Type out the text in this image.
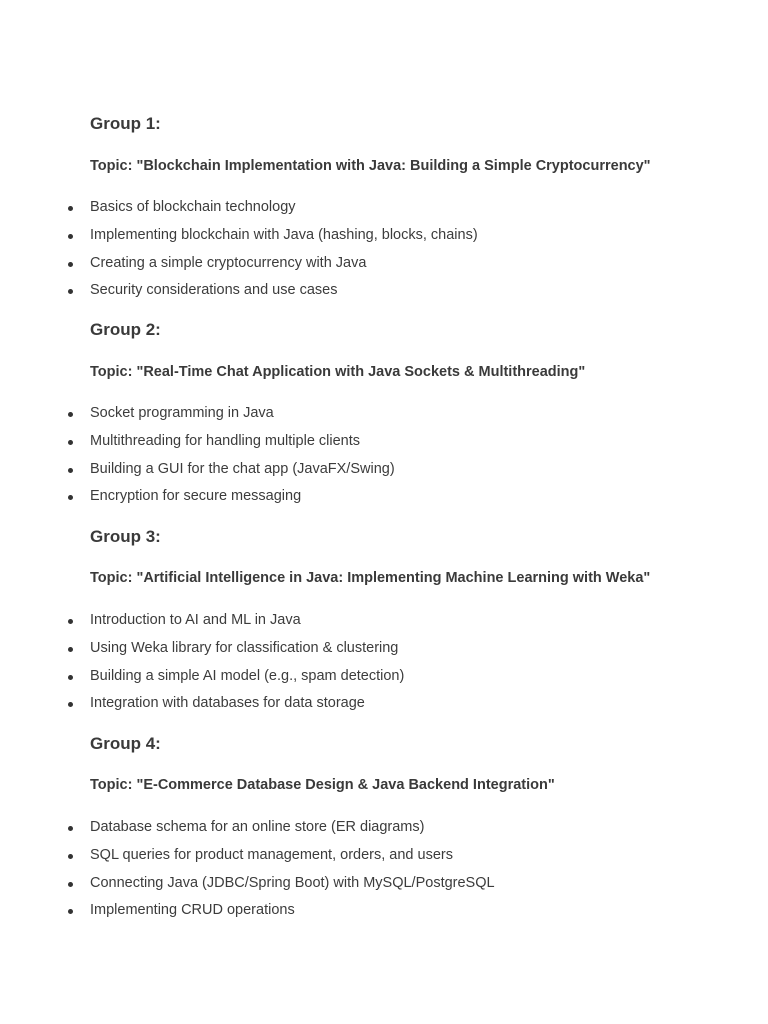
Group 1:

Topic: "Blockchain Implementation with Java: Building a Simple Cryptocurrency"

Basics of blockchain technology
Implementing blockchain with Java (hashing, blocks, chains)
Creating a simple cryptocurrency with Java
Security considerations and use cases
Group 2:

Topic: "Real-Time Chat Application with Java Sockets & Multithreading"

Socket programming in Java
Multithreading for handling multiple clients
Building a GUI for the chat app (JavaFX/Swing)
Encryption for secure messaging
Group 3:

Topic: "Artificial Intelligence in Java: Implementing Machine Learning with Weka"

Introduction to AI and ML in Java
Using Weka library for classification & clustering
Building a simple AI model (e.g., spam detection)
Integration with databases for data storage
Group 4:

Topic: "E-Commerce Database Design & Java Backend Integration"

Database schema for an online store (ER diagrams)
SQL queries for product management, orders, and users
Connecting Java (JDBC/Spring Boot) with MySQL/PostgreSQL
Implementing CRUD operations
